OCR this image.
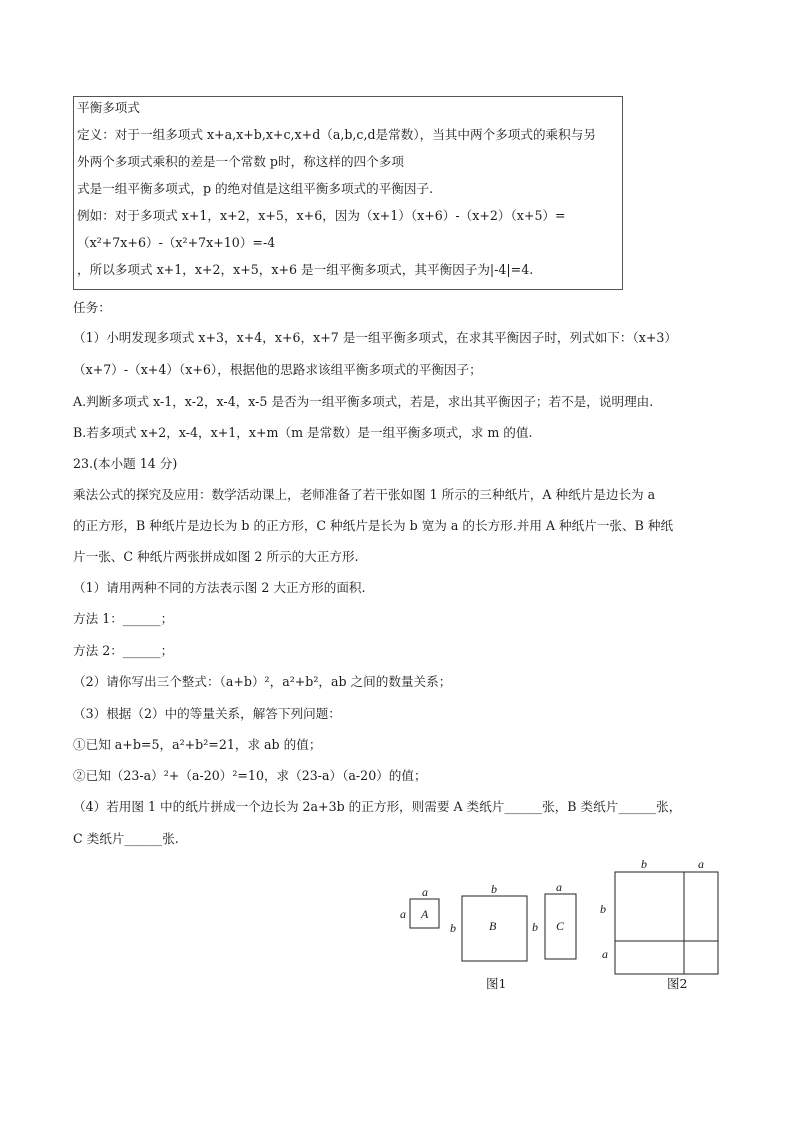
平衡多项式
定义：对于一组多项式 x+a,x+b,x+c,x+d（a,b,c,d是常数），当其中两个多项式的乘积与另
外两个多项式乘积的差是一个常数 p时，称这样的四个多项
式是一组平衡多项式，p 的绝对值是这组平衡多项式的平衡因子.
例如：对于多项式 x+1，x+2，x+5，x+6，因为（x+1）（x+6）-（x+2）（x+5）=
（x²+7x+6）-（x²+7x+10）=-4
，所以多项式 x+1，x+2，x+5，x+6 是一组平衡多项式，其平衡因子为|-4|=4.
任务：
（1）小明发现多项式 x+3，x+4，x+6，x+7 是一组平衡多项式，在求其平衡因子时，列式如下：（x+3）
（x+7）-（x+4）（x+6），根据他的思路求该组平衡多项式的平衡因子；
A.判断多项式 x-1，x-2，x-4，x-5 是否为一组平衡多项式，若是，求出其平衡因子；若不是，说明理由.
B.若多项式 x+2，x-4，x+1，x+m（m 是常数）是一组平衡多项式，求 m 的值.
23.(本小题 14 分)
乘法公式的探究及应用：数学活动课上，老师准备了若干张如图 1 所示的三种纸片，A 种纸片是边长为 a
的正方形，B 种纸片是边长为 b 的正方形，C 种纸片是长为 b 宽为 a 的长方形.并用 A 种纸片一张、B 种纸
片一张、C 种纸片两张拼成如图 2 所示的大正方形.
（1）请用两种不同的方法表示图 2 大正方形的面积.
方法 1：______；
方法 2：______；
（2）请你写出三个整式：（a+b）²，a²+b²，ab 之间的数量关系；
（3）根据（2）中的等量关系，解答下列问题：
①已知 a+b=5，a²+b²=21，求 ab 的值；
②已知（23-a）²+（a-20）²=10，求（23-a）（a-20）的值；
（4）若用图 1 中的纸片拼成一个边长为 2a+3b 的正方形，则需要 A 类纸片______张，B 类纸片______张，
C 类纸片______张.
a
a A
b
b	B
a
b C
图1
b	a
b
a
图2
